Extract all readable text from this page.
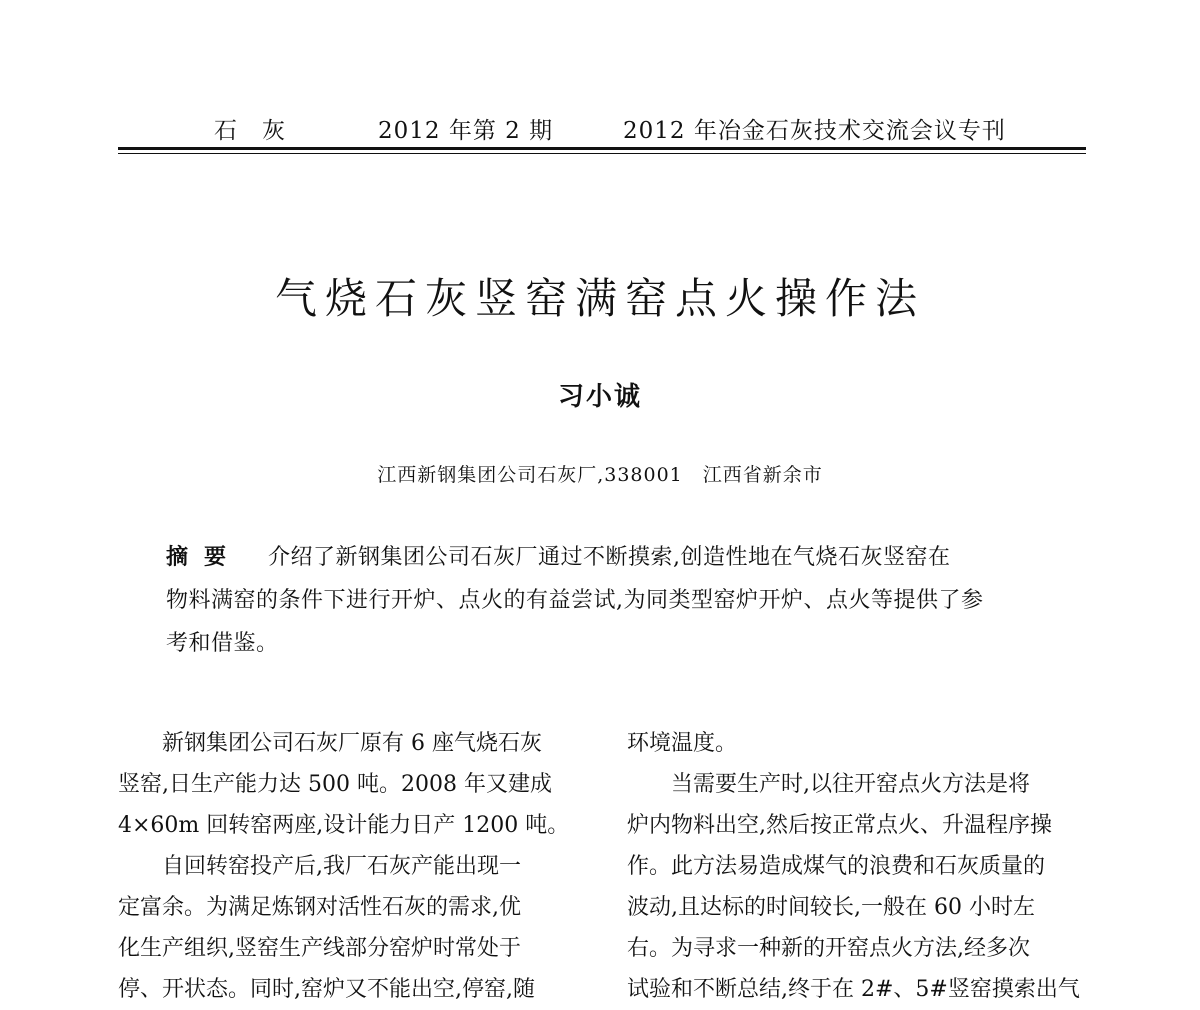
石　灰	2012 年第 2 期	2012 年冶金石灰技术交流会议专刊
气烧石灰竖窑满窑点火操作法
习小诚
江西新钢集团公司石灰厂,338001　江西省新余市
摘要 介绍了新钢集团公司石灰厂通过不断摸索,创造性地在气烧石灰竖窑在
物料满窑的条件下进行开炉、点火的有益尝试,为同类型窑炉开炉、点火等提供了参
考和借鉴。

　　新钢集团公司石灰厂原有 6 座气烧石灰

竖窑,日生产能力达 500 吨。2008 年又建成

4×60m 回转窑两座,设计能力日产 1200 吨。

　　自回转窑投产后,我厂石灰产能出现一

定富余。为满足炼钢对活性石灰的需求,优

化生产组织,竖窑生产线部分窑炉时常处于

停、开状态。同时,窑炉又不能出空,停窑,随

环境温度。

　　当需要生产时,以往开窑点火方法是将

炉内物料出空,然后按正常点火、升温程序操

作。此方法易造成煤气的浪费和石灰质量的

波动,且达标的时间较长,一般在 60 小时左

右。为寻求一种新的开窑点火方法,经多次

试验和不断总结,终于在 2#、5#竖窑摸索出气
